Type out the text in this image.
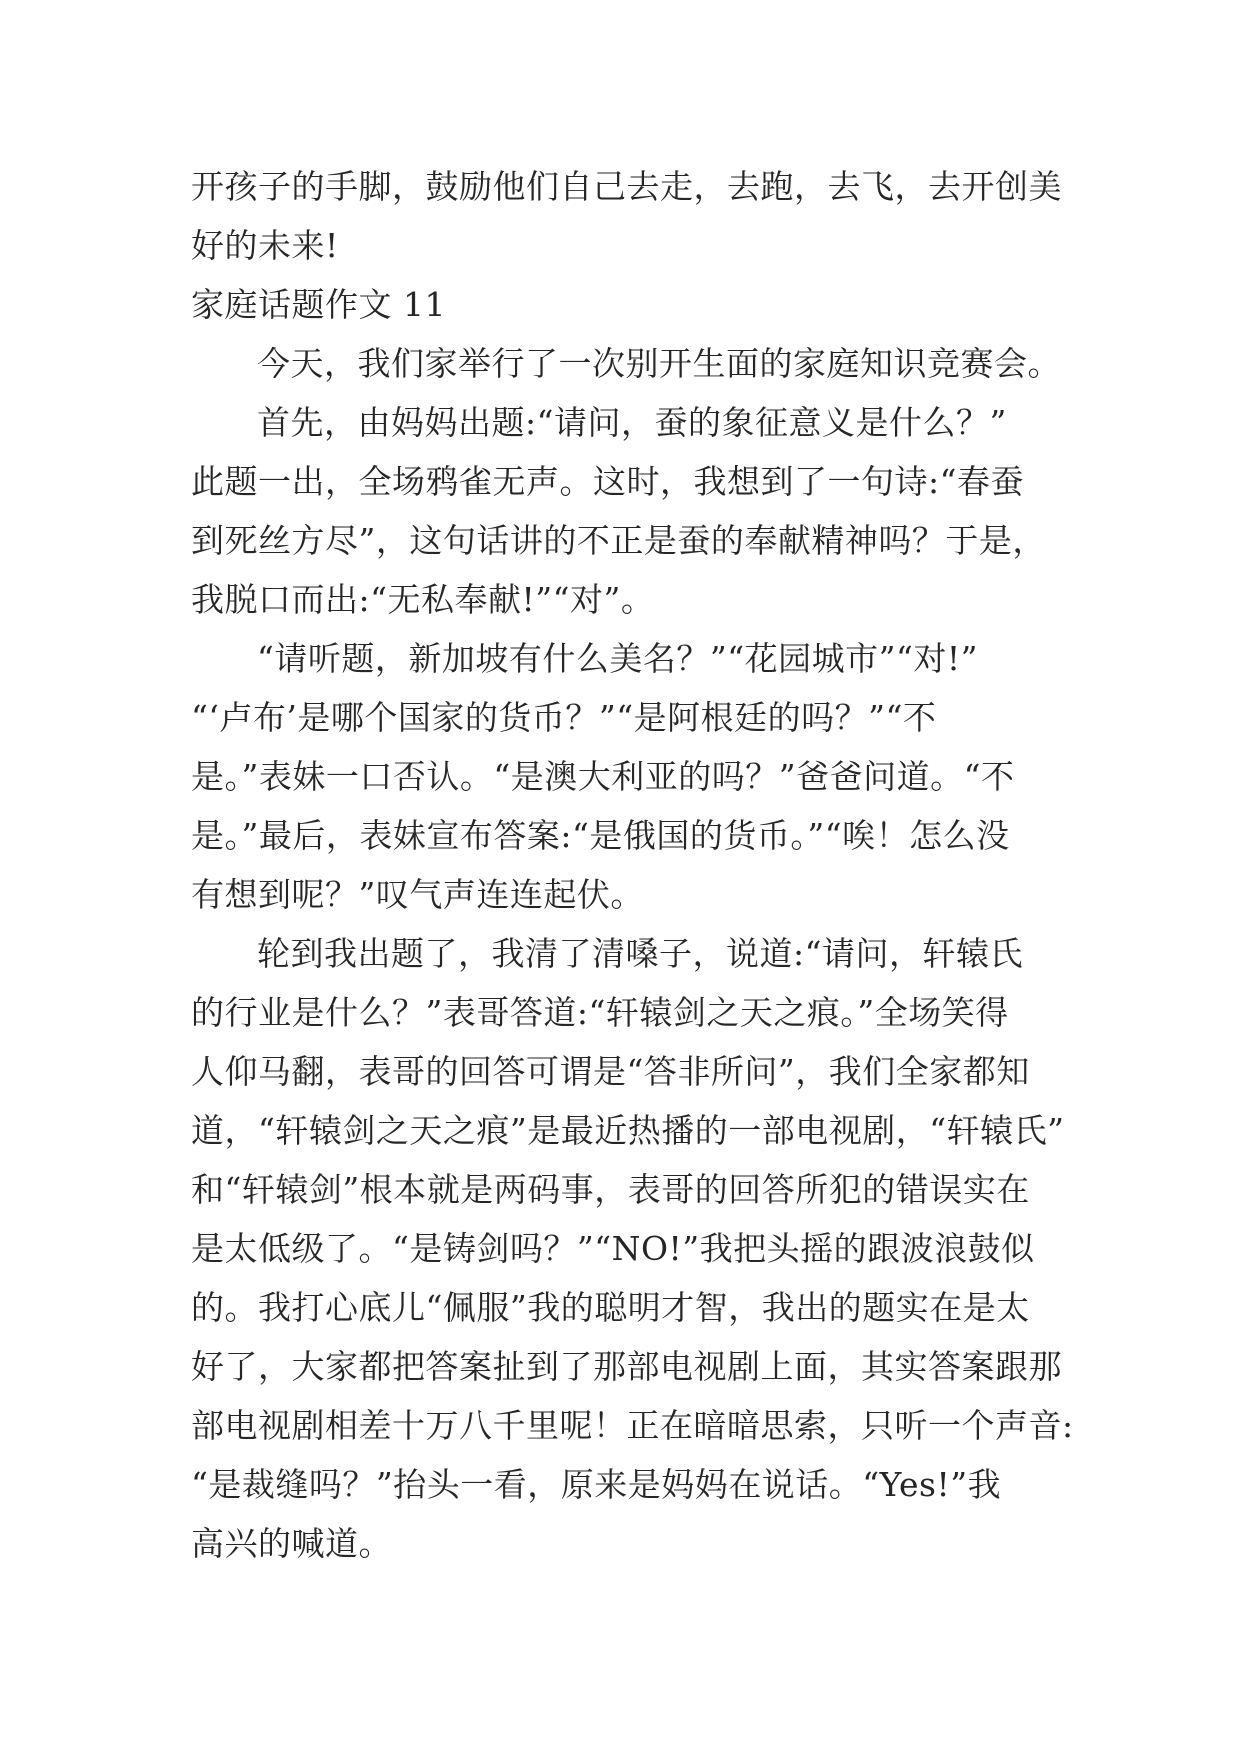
开孩子的手脚，鼓励他们自己去走，去跑，去飞，去开创美
好的未来!
家庭话题作文 11
今天，我们家举行了一次别开生面的家庭知识竞赛会。
首先，由妈妈出题:“请问，蚕的象征意义是什么？”
此题一出，全场鸦雀无声。这时，我想到了一句诗:“春蚕
到死丝方尽”，这句话讲的不正是蚕的奉献精神吗？于是，
我脱口而出:“无私奉献!”“对”。
“请听题，新加坡有什么美名？”“花园城市”“对!”
“‘卢布’是哪个国家的货币？”“是阿根廷的吗？”“不
是。”表妹一口否认。“是澳大利亚的吗？”爸爸问道。“不
是。”最后，表妹宣布答案:“是俄国的货币。”“唉！怎么没
有想到呢？”叹气声连连起伏。
轮到我出题了，我清了清嗓子，说道:“请问，轩辕氏
的行业是什么？”表哥答道:“轩辕剑之天之痕。”全场笑得
人仰马翻，表哥的回答可谓是“答非所问”，我们全家都知
道，“轩辕剑之天之痕”是最近热播的一部电视剧，“轩辕氏”
和“轩辕剑”根本就是两码事，表哥的回答所犯的错误实在
是太低级了。“是铸剑吗？”“NO!”我把头摇的跟波浪鼓似
的。我打心底儿“佩服”我的聪明才智，我出的题实在是太
好了，大家都把答案扯到了那部电视剧上面，其实答案跟那
部电视剧相差十万八千里呢！正在暗暗思索，只听一个声音:
“是裁缝吗？”抬头一看，原来是妈妈在说话。“Yes!”我
高兴的喊道。
